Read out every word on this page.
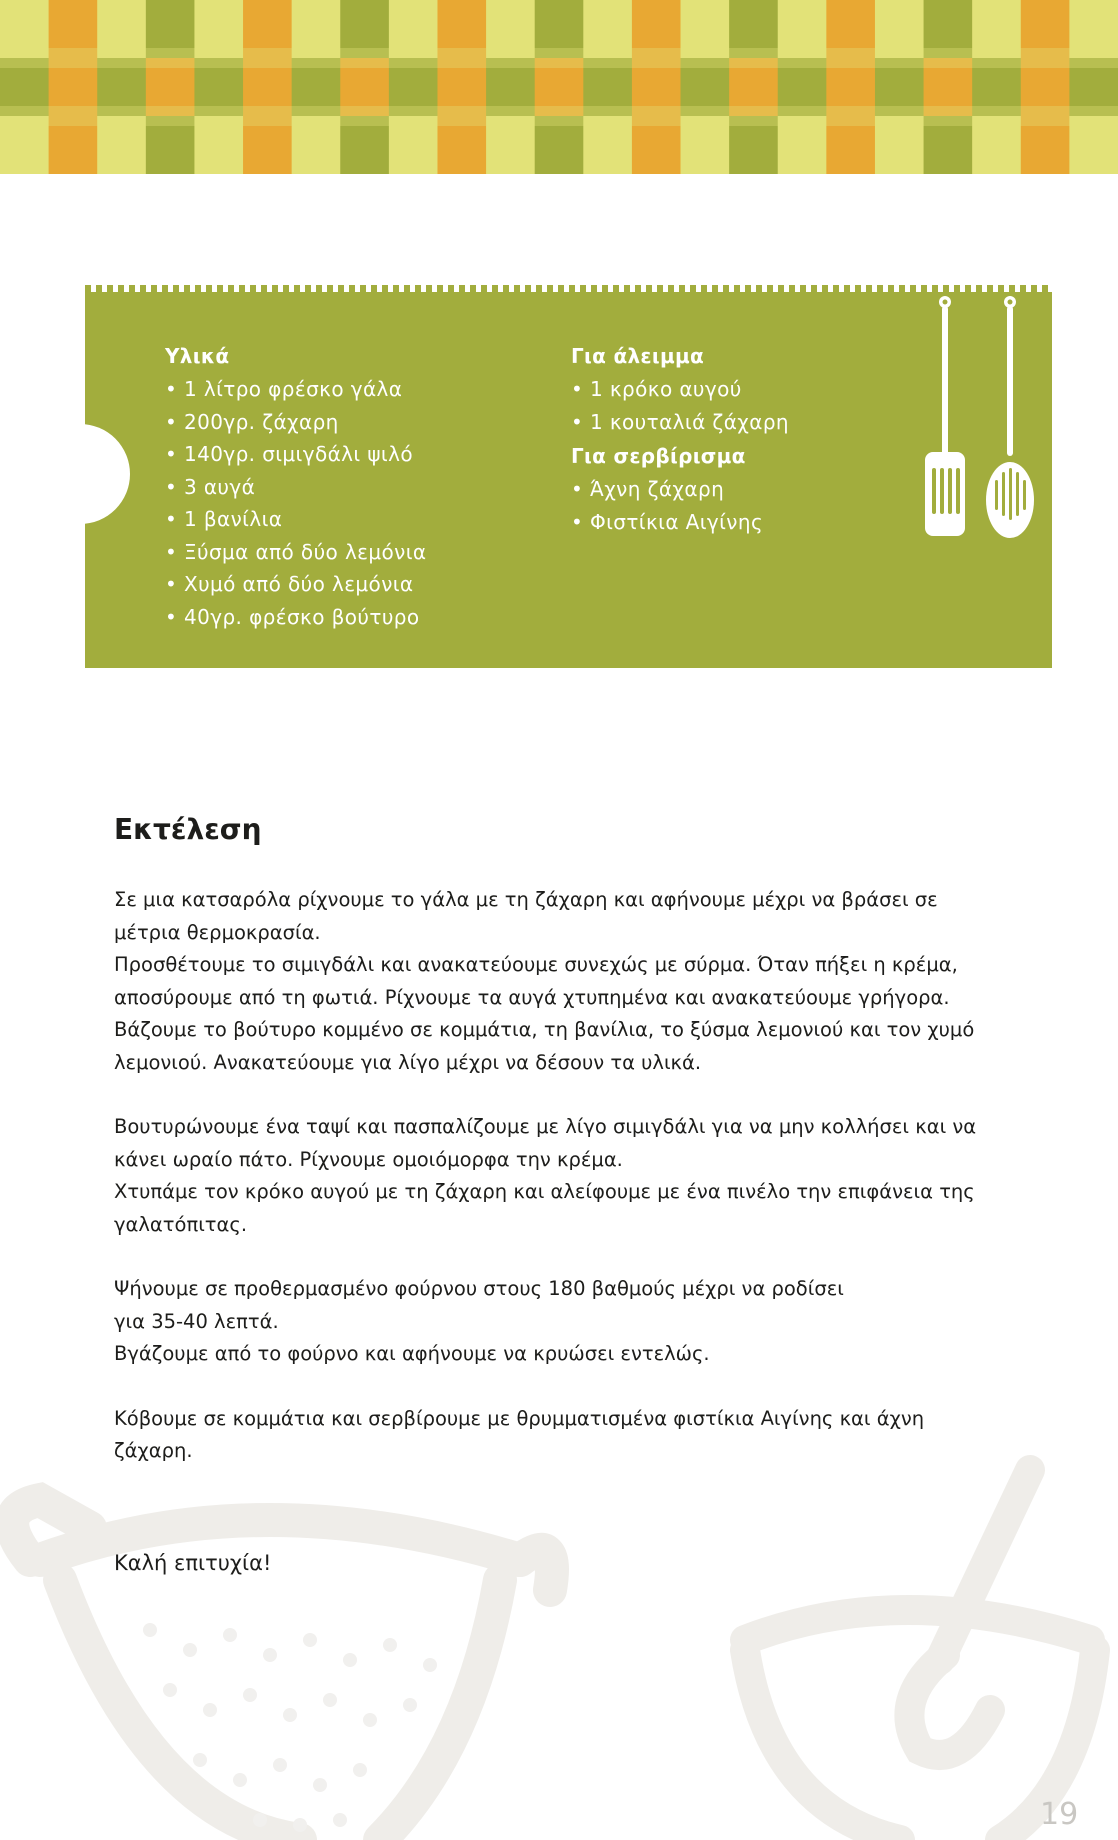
Υλικά
• 1 λίτρο φρέσκο γάλα
• 200γρ. ζάχαρη
• 140γρ. σιμιγδάλι ψιλό
• 3 αυγά
• 1 βανίλια
• Ξύσμα από δύο λεμόνια
• Χυμό από δύο λεμόνια
• 40γρ. φρέσκο βούτυρο
Για άλειμμα
• 1 κρόκο αυγού
• 1 κουταλιά ζάχαρη
Για σερβίρισμα
• Άχνη ζάχαρη
• Φιστίκια Αιγίνης
Εκτέλεση

Σε μια κατσαρόλα ρίχνουμε το γάλα με τη ζάχαρη και αφήνουμε μέχρι να βράσει σε
μέτρια θερμοκρασία.
Προσθέτουμε το σιμιγδάλι και ανακατεύουμε συνεχώς με σύρμα. Όταν πήξει η κρέμα,
αποσύρουμε από τη φωτιά. Ρίχνουμε τα αυγά χτυπημένα και ανακατεύουμε γρήγορα.
Βάζουμε το βούτυρο κομμένο σε κομμάτια, τη βανίλια, το ξύσμα λεμονιού και τον χυμό
λεμονιού. Ανακατεύουμε για λίγο μέχρι να δέσουν τα υλικά.

Βουτυρώνουμε ένα ταψί και πασπαλίζουμε με λίγο σιμιγδάλι για να μην κολλήσει και να
κάνει ωραίο πάτο. Ρίχνουμε ομοιόμορφα την κρέμα.
Χτυπάμε τον κρόκο αυγού με τη ζάχαρη και αλείφουμε με ένα πινέλο την επιφάνεια της
γαλατόπιτας.

Ψήνουμε σε προθερμασμένο φούρνου στους 180 βαθμούς μέχρι να ροδίσει
για 35-40 λεπτά.
Βγάζουμε από το φούρνο και αφήνουμε να κρυώσει εντελώς.

Κόβουμε σε κομμάτια και σερβίρουμε με θρυμματισμένα φιστίκια Αιγίνης και άχνη
ζάχαρη.

Καλή επιτυχία!

19
